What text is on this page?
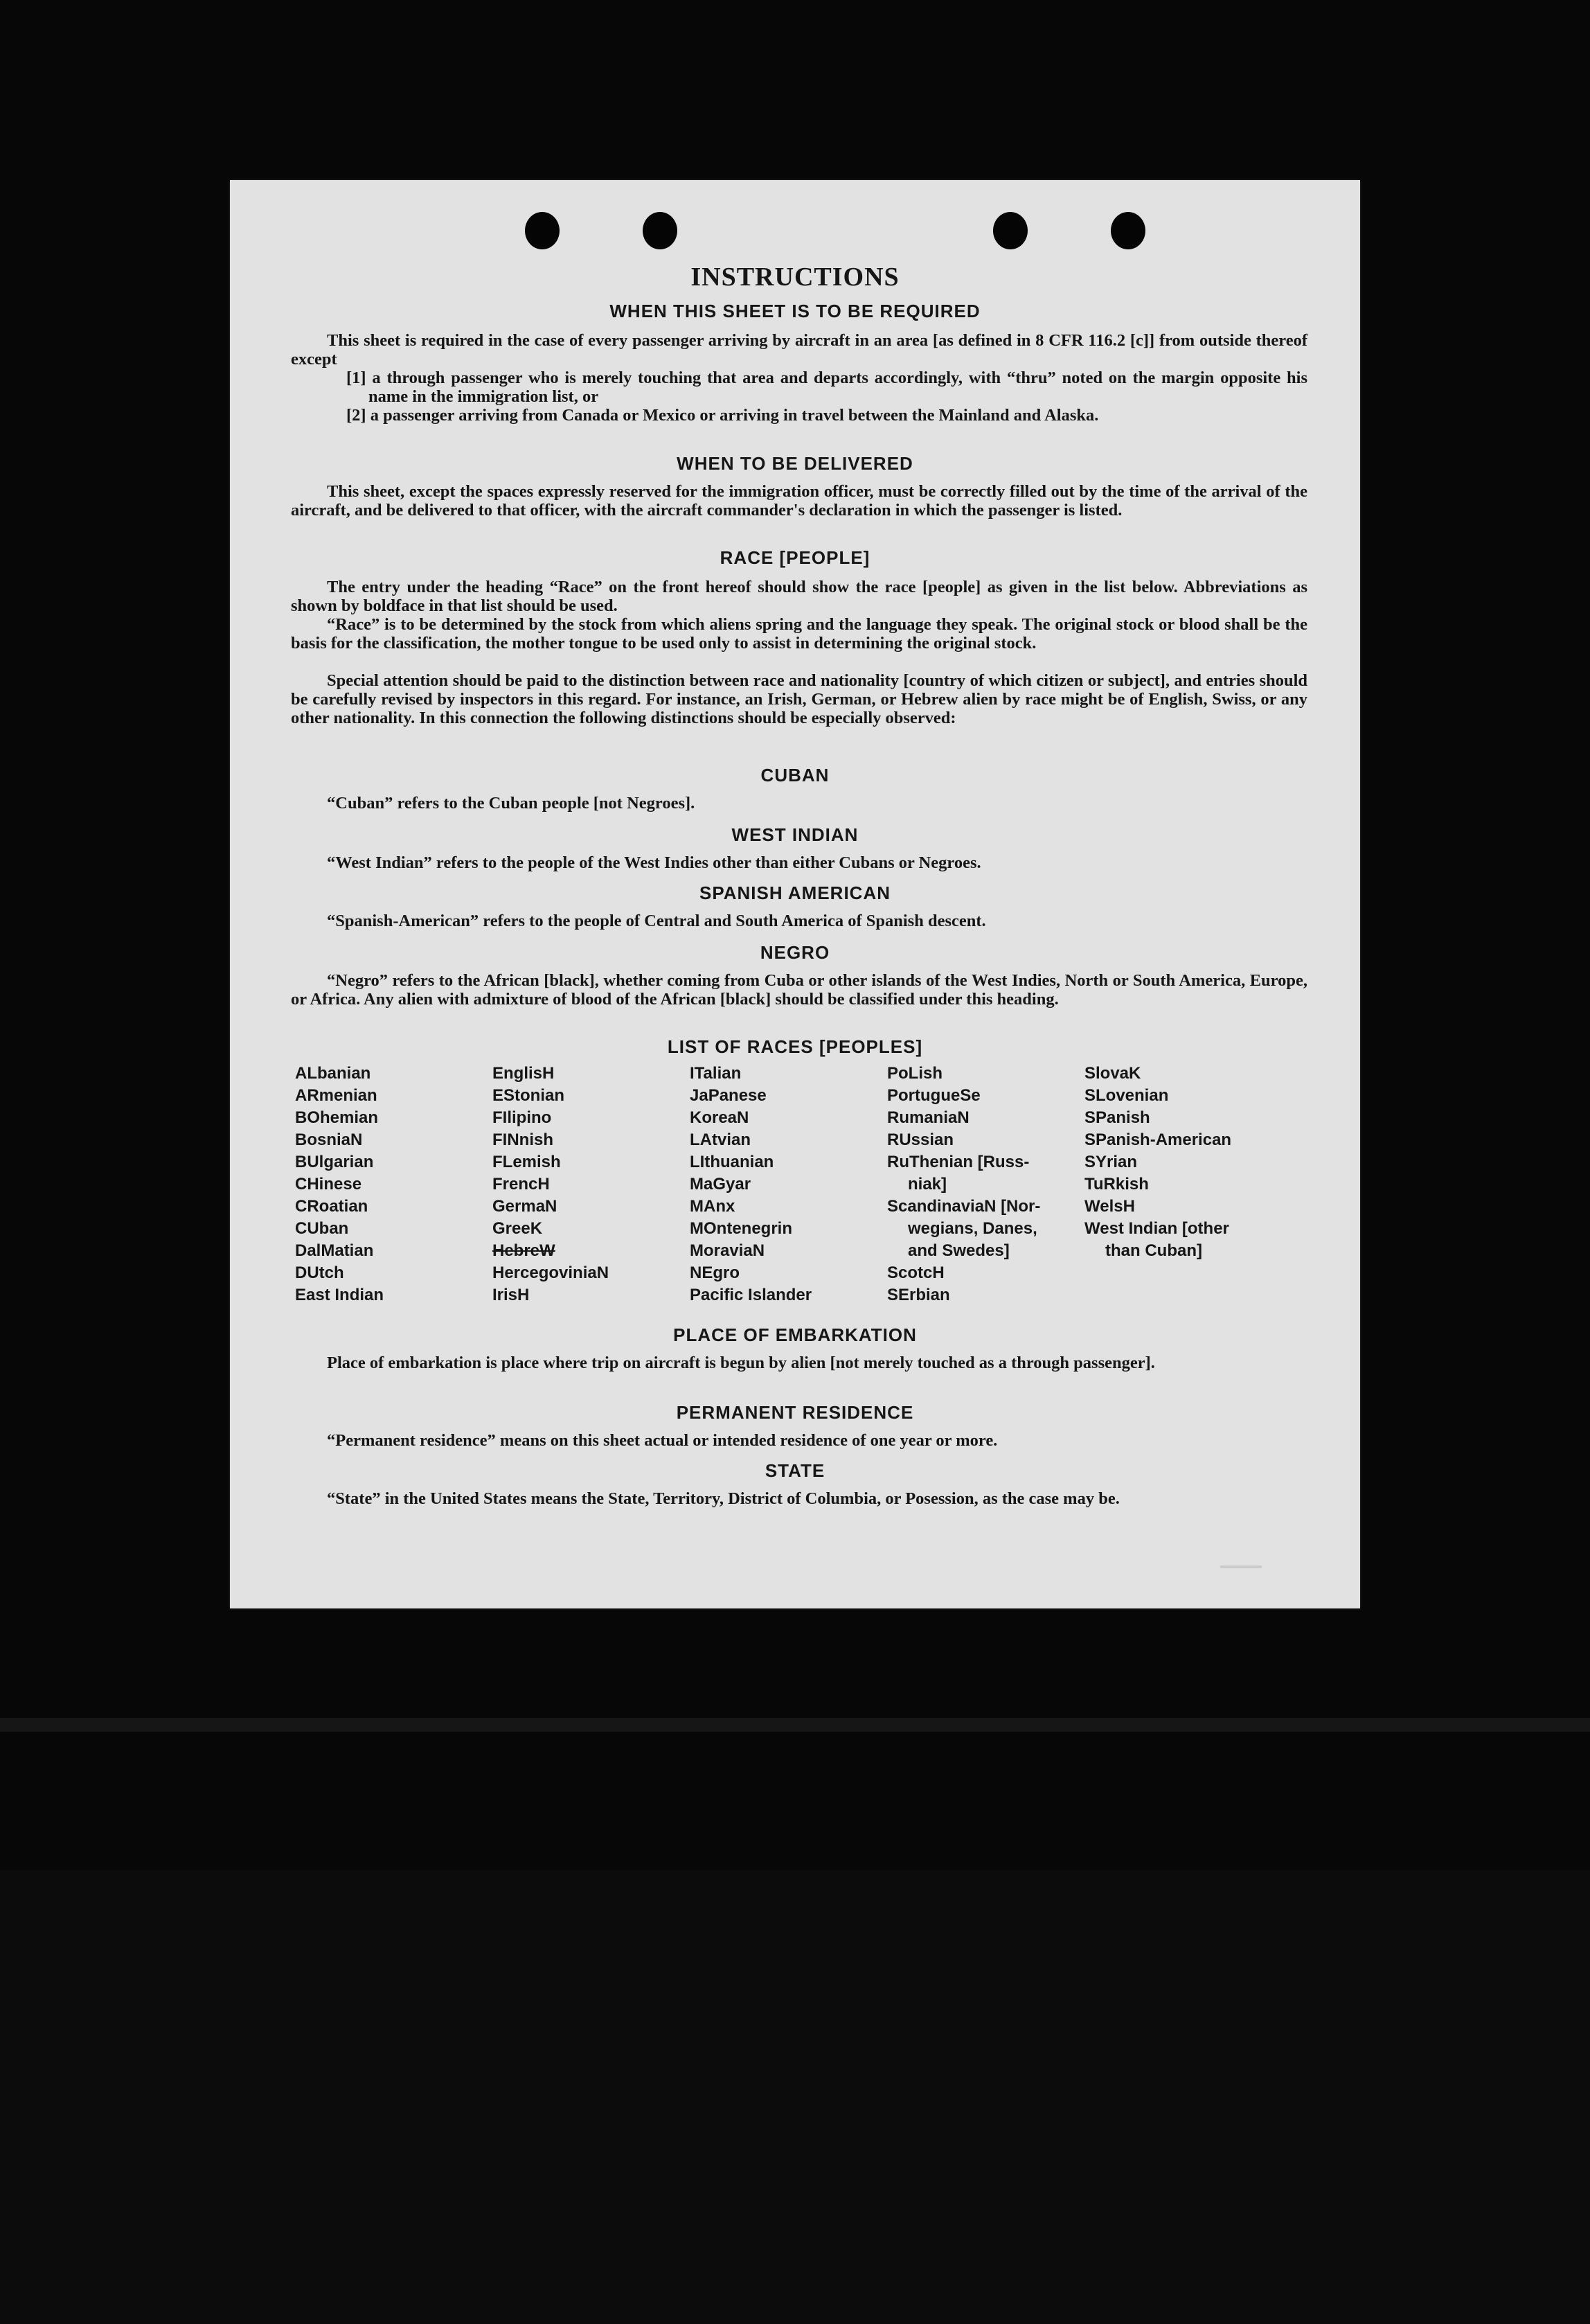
INSTRUCTIONS
WHEN THIS SHEET IS TO BE REQUIRED

This sheet is required in the case of every passenger arriving by aircraft in an area [as defined in 8 CFR 116.2 [c]] from outside thereof except

[1] a through passenger who is merely touching that area and departs accordingly, with “thru” noted on the margin opposite his name in the immigration list, or

[2] a passenger arriving from Canada or Mexico or arriving in travel between the Mainland and Alaska.

WHEN TO BE DELIVERED

This sheet, except the spaces expressly reserved for the immigration officer, must be correctly filled out by the time of the arrival of the aircraft, and be delivered to that officer, with the aircraft commander's declaration in which the passenger is listed.

RACE [PEOPLE]

The entry under the heading “Race” on the front hereof should show the race [people] as given in the list below. Abbreviations as shown by boldface in that list should be used.

“Race” is to be determined by the stock from which aliens spring and the language they speak. The original stock or blood shall be the basis for the classification, the mother tongue to be used only to assist in determining the original stock.

Special attention should be paid to the distinction between race and nationality [country of which citizen or subject], and entries should be carefully revised by inspectors in this regard. For instance, an Irish, German, or Hebrew alien by race might be of English, Swiss, or any other nationality. In this connection the following distinctions should be especially observed:

CUBAN

“Cuban” refers to the Cuban people [not Negroes].

WEST INDIAN

“West Indian” refers to the people of the West Indies other than either Cubans or Negroes.

SPANISH AMERICAN

“Spanish-American” refers to the people of Central and South America of Spanish descent.

NEGRO

“Negro” refers to the African [black], whether coming from Cuba or other islands of the West Indies, North or South America, Europe, or Africa. Any alien with admixture of blood of the African [black] should be classified under this heading.

LIST OF RACES [PEOPLES]
ALbanian
ARmenian
BOhemian
BosniaN
BUlgarian
CHinese
CRoatian
CUban
DalMatian
DUtch
East Indian
EnglisH
EStonian
FIlipino
FINnish
FLemish
FrencH
GermaN
GreeK
HebreW
HercegoviniaN
IrisH
ITalian
JaPanese
KoreaN
LAtvian
LIthuanian
MaGyar
MAnx
MOntenegrin
MoraviaN
NEgro
Pacific Islander
PoLish
PortugueSe
RumaniaN
RUssian
RuThenian [Russ-
niak]
ScandinaviaN [Nor-
wegians, Danes,
and Swedes]
ScotcH
SErbian
SlovaK
SLovenian
SPanish
SPanish-American
SYrian
TuRkish
WelsH
West Indian [other
than Cuban]
PLACE OF EMBARKATION

Place of embarkation is place where trip on aircraft is begun by alien [not merely touched as a through passenger].

PERMANENT RESIDENCE

“Permanent residence” means on this sheet actual or intended residence of one year or more.

STATE

“State” in the United States means the State, Territory, District of Columbia, or Posession, as the case may be.
